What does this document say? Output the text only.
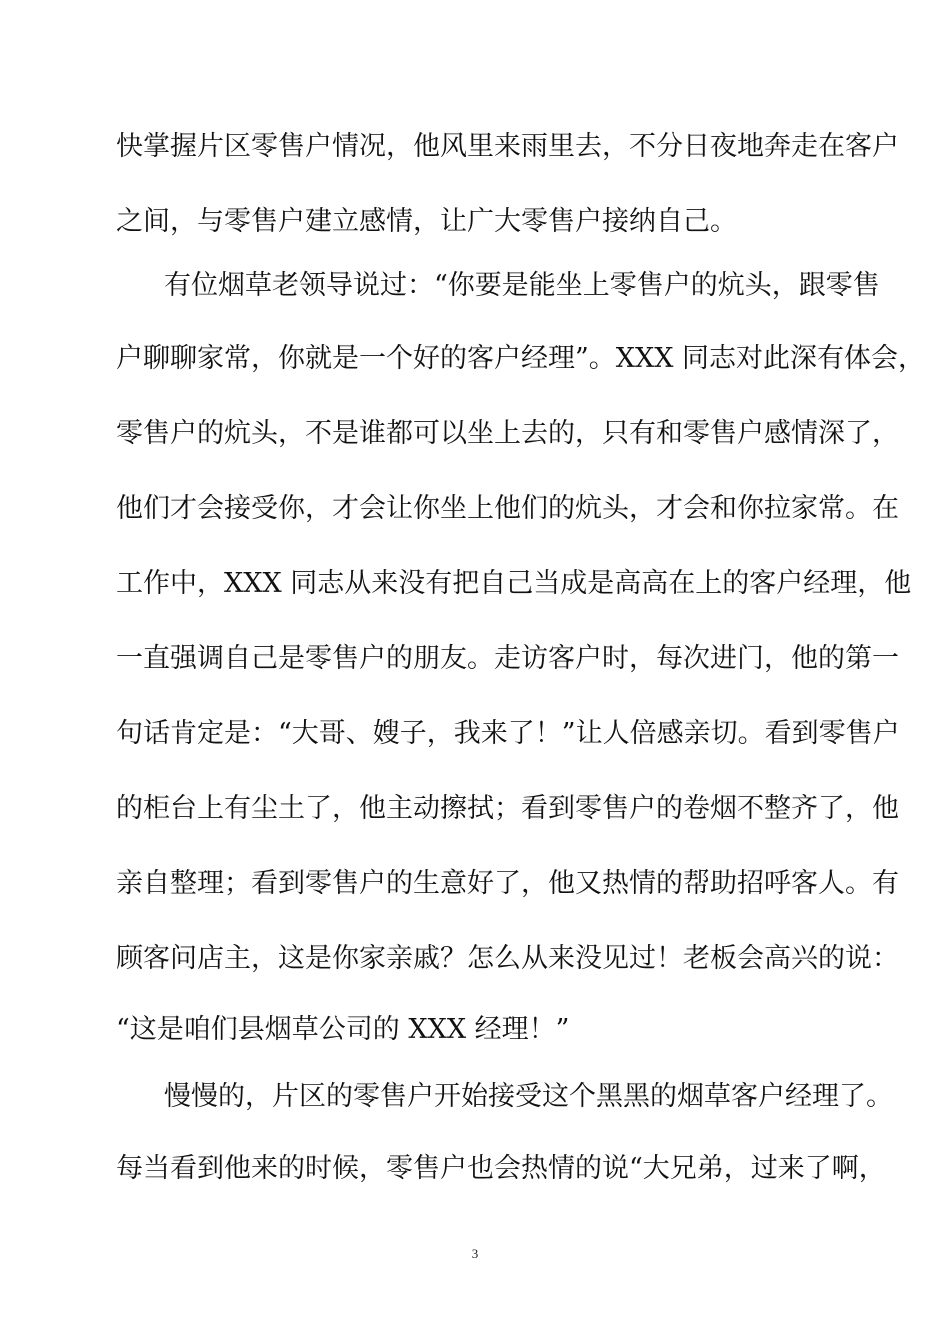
快掌握片区零售户情况，他风里来雨里去，不分日夜地奔走在客户
之间，与零售户建立感情，让广大零售户接纳自己。
有位烟草老领导说过：“你要是能坐上零售户的炕头，跟零售
户聊聊家常，你就是一个好的客户经理”。XXX 同志对此深有体会，
零售户的炕头，不是谁都可以坐上去的，只有和零售户感情深了，
他们才会接受你，才会让你坐上他们的炕头，才会和你拉家常。在
工作中，XXX 同志从来没有把自己当成是高高在上的客户经理，他
一直强调自己是零售户的朋友。走访客户时，每次进门，他的第一
句话肯定是：“大哥、嫂子，我来了！”让人倍感亲切。看到零售户
的柜台上有尘土了，他主动擦拭；看到零售户的卷烟不整齐了，他
亲自整理；看到零售户的生意好了，他又热情的帮助招呼客人。有
顾客问店主，这是你家亲戚？怎么从来没见过！老板会高兴的说：
“这是咱们县烟草公司的 XXX 经理！”
慢慢的，片区的零售户开始接受这个黑黑的烟草客户经理了。
每当看到他来的时候，零售户也会热情的说“大兄弟，过来了啊，
3
